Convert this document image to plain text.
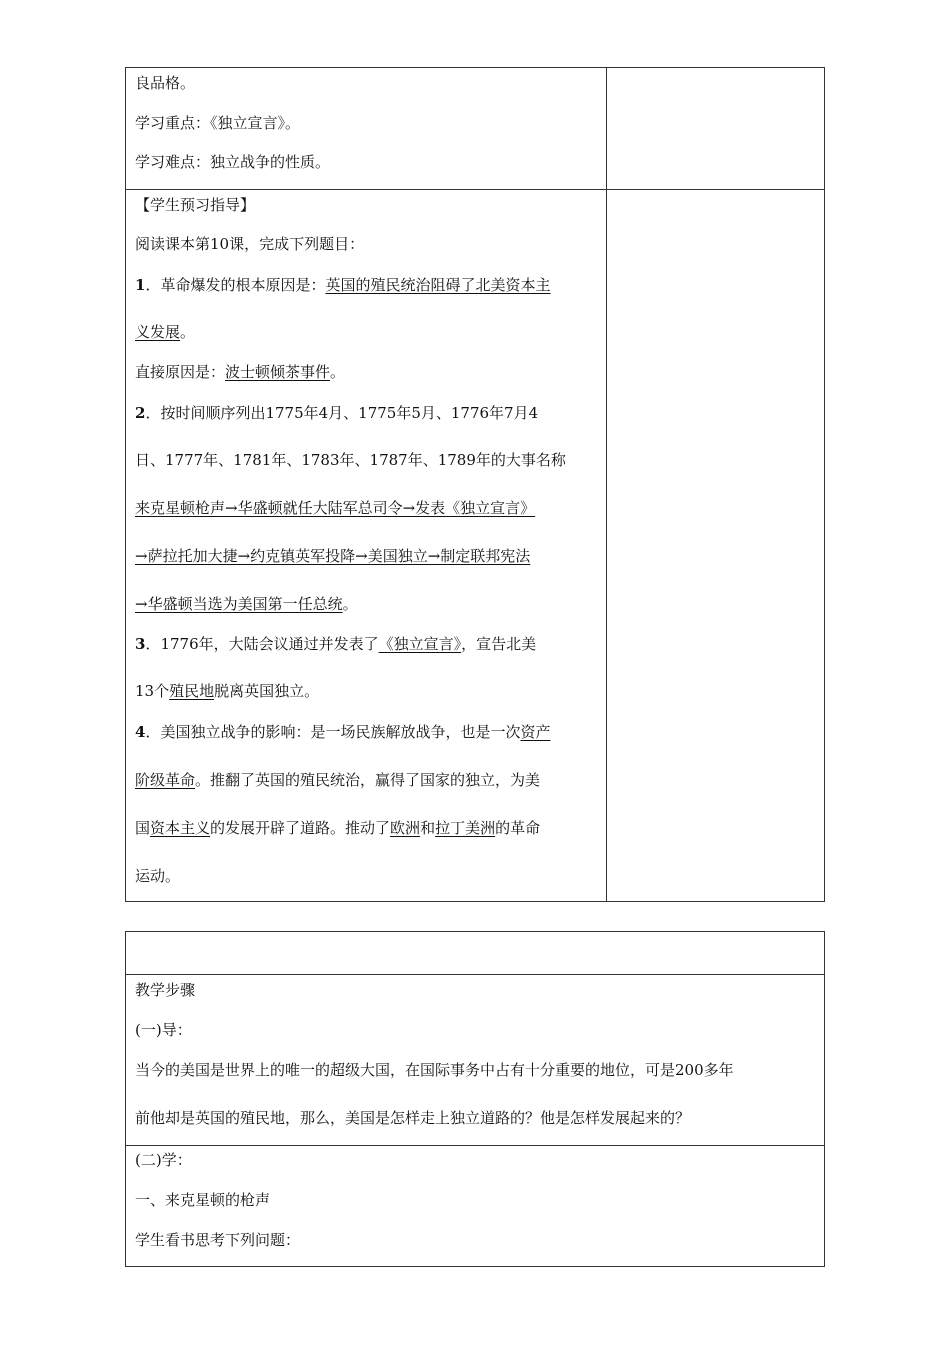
良品格。
学习重点：《独立宣言》。
学习难点：独立战争的性质。
【学生预习指导】
阅读课本第10课，完成下列题目：
1．革命爆发的根本原因是：英国的殖民统治阻碍了北美资本主
义发展。
直接原因是：波士顿倾茶事件。
2．按时间顺序列出1775年4月、1775年5月、1776年7月4
日、1777年、1781年、1783年、1787年、1789年的大事名称
来克星顿枪声→华盛顿就任大陆军总司令→发表《独立宣言》
→萨拉托加大捷→约克镇英军投降→美国独立→制定联邦宪法
→华盛顿当选为美国第一任总统。
3．1776年，大陆会议通过并发表了《独立宣言》，宣告北美
13个殖民地脱离英国独立。
4．美国独立战争的影响：是一场民族解放战争，也是一次资产
阶级革命。推翻了英国的殖民统治，赢得了国家的独立，为美
国资本主义的发展开辟了道路。推动了欧洲和拉丁美洲的革命
运动。
教学步骤
(一)导：
当今的美国是世界上的唯一的超级大国，在国际事务中占有十分重要的地位，可是200多年
前他却是英国的殖民地，那么，美国是怎样走上独立道路的？他是怎样发展起来的？
(二)学：
一、来克星顿的枪声
学生看书思考下列问题：
